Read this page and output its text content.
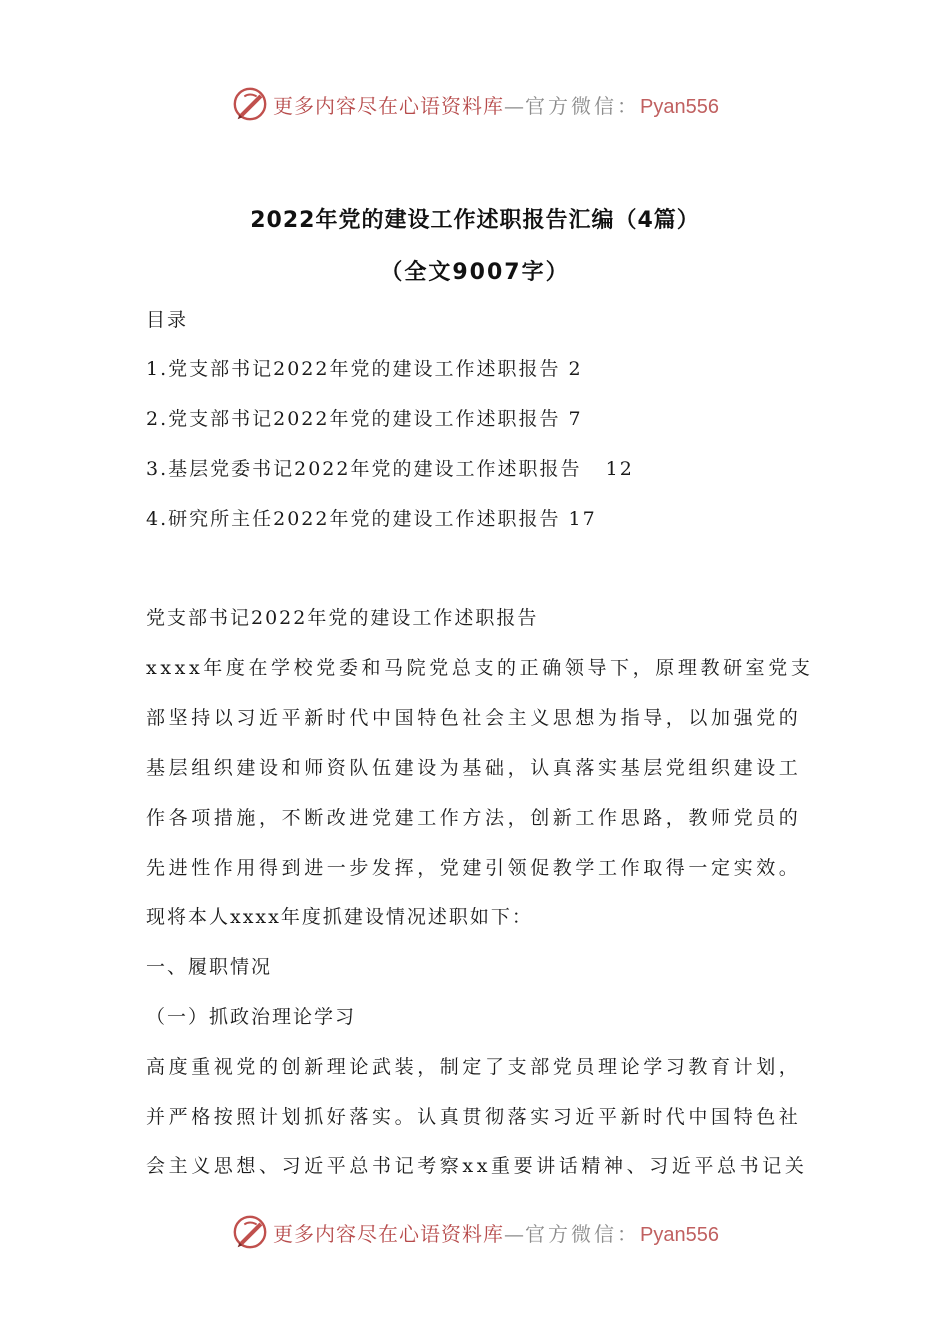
更多内容尽在心语资料库—官方微信：Pyan556
2022年党的建设工作述职报告汇编（4篇）
（全文9007字）
目录
1.党支部书记2022年党的建设工作述职报告 2
2.党支部书记2022年党的建设工作述职报告 7
3.基层党委书记2022年党的建设工作述职报告   12
4.研究所主任2022年党的建设工作述职报告 17
党支部书记2022年党的建设工作述职报告
xxxx年度在学校党委和马院党总支的正确领导下，原理教研室党支
部坚持以习近平新时代中国特色社会主义思想为指导，以加强党的
基层组织建设和师资队伍建设为基础，认真落实基层党组织建设工
作各项措施，不断改进党建工作方法，创新工作思路，教师党员的
先进性作用得到进一步发挥，党建引领促教学工作取得一定实效。
现将本人xxxx年度抓建设情况述职如下：
一、履职情况
（一）抓政治理论学习
高度重视党的创新理论武装，制定了支部党员理论学习教育计划，
并严格按照计划抓好落实。认真贯彻落实习近平新时代中国特色社
会主义思想、习近平总书记考察xx重要讲话精神、习近平总书记关
更多内容尽在心语资料库—官方微信：Pyan556
